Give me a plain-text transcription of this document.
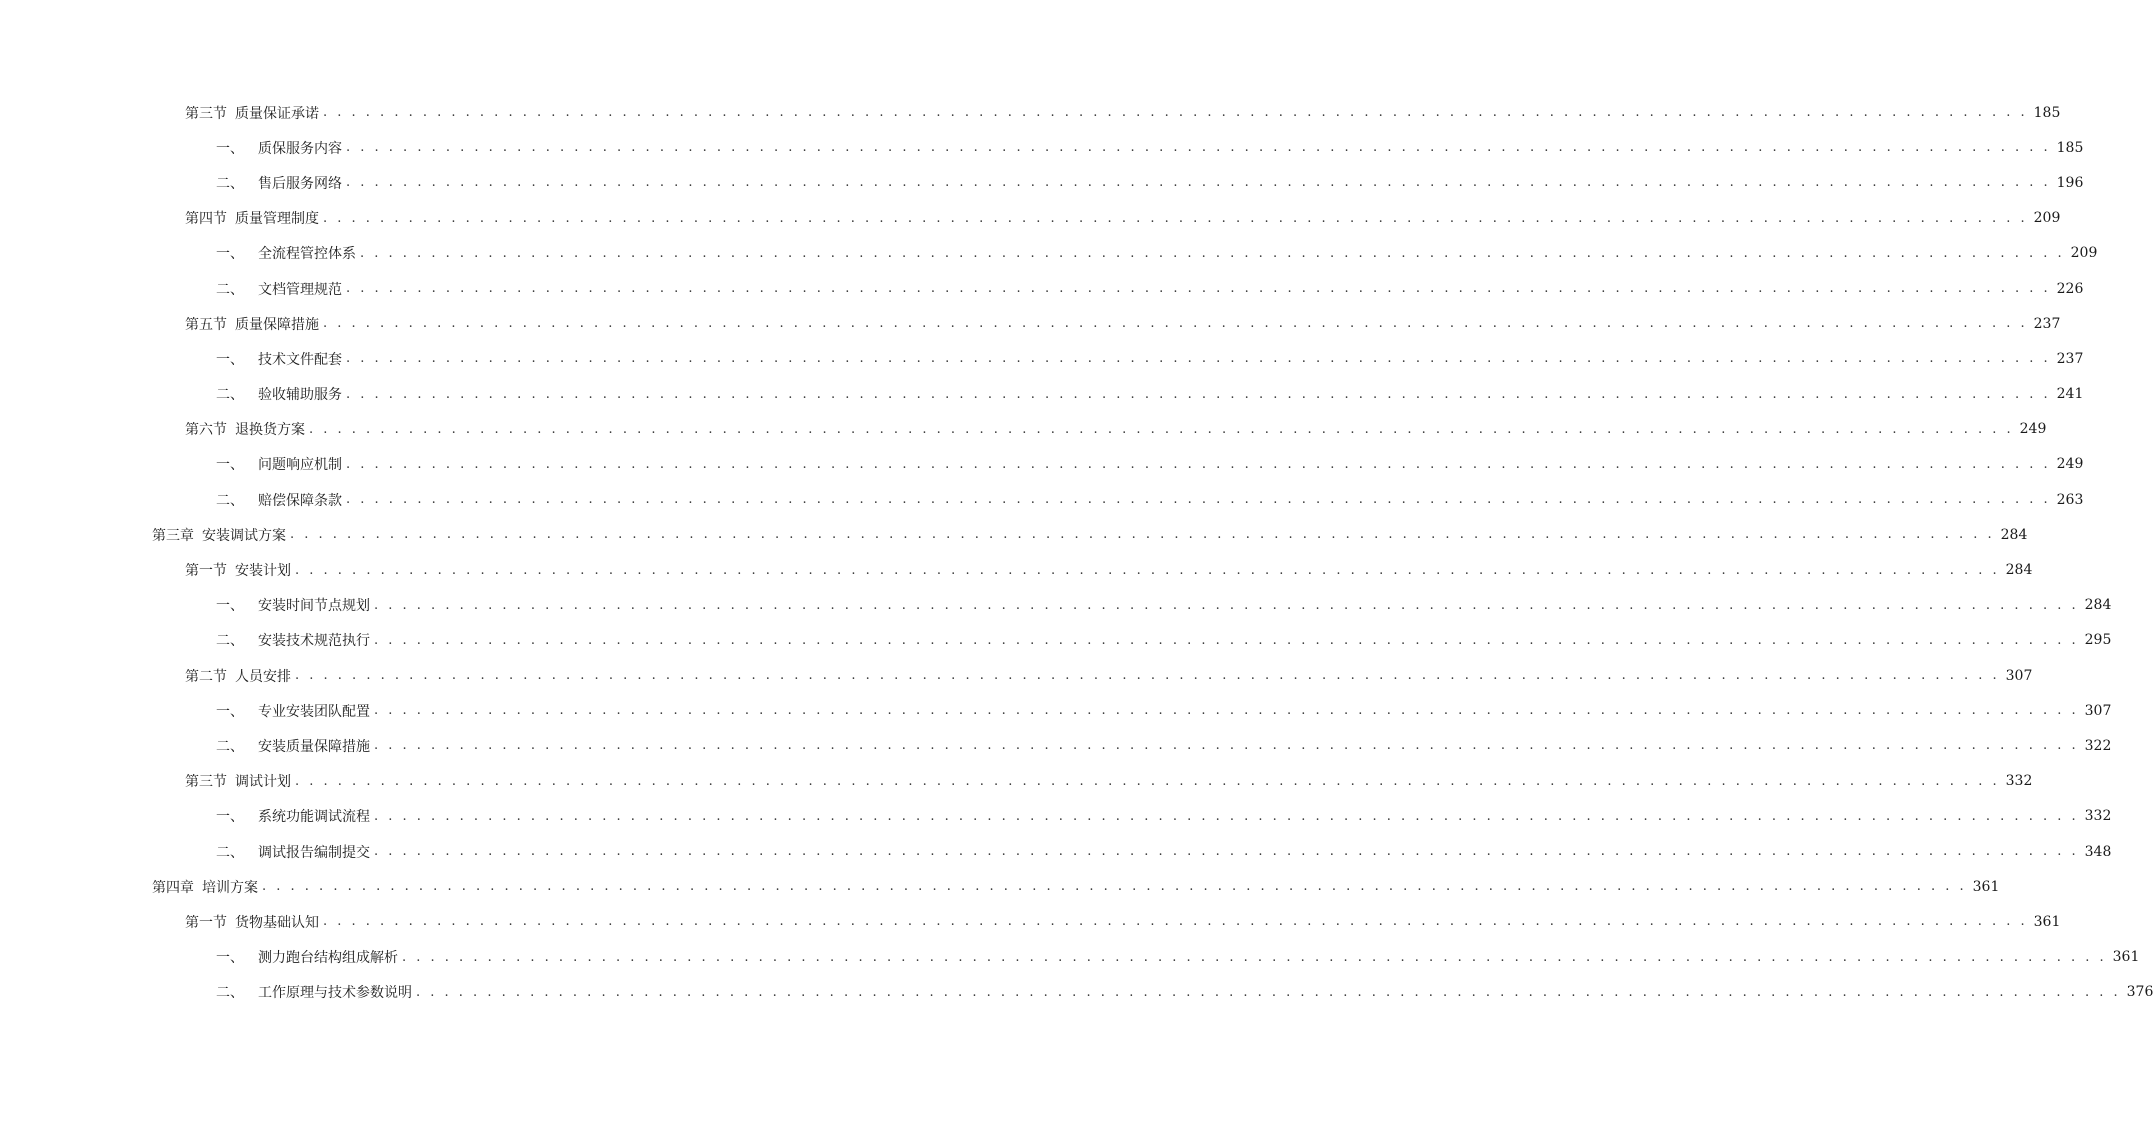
第三节 质量保证承诺 . . . . . . . . . . . . . . . . . . . . . . . . . . . . . . . . . . . . . . . . . . . . . . . . . . . . . . . . . . . . . . . . . . . . . . . . . . . . . . . . . . . . . . . . . . . . . . . . . . . . . . . . . . . . . . . . . . . . . . . . 185
一、 质保服务内容 . . . . . . . . . . . . . . . . . . . . . . . . . . . . . . . . . . . . . . . . . . . . . . . . . . . . . . . . . . . . . . . . . . . . . . . . . . . . . . . . . . . . . . . . . . . . . . . . . . . . . . . . . . . . . . . . . . . . . . . . 185
二、 售后服务网络 . . . . . . . . . . . . . . . . . . . . . . . . . . . . . . . . . . . . . . . . . . . . . . . . . . . . . . . . . . . . . . . . . . . . . . . . . . . . . . . . . . . . . . . . . . . . . . . . . . . . . . . . . . . . . . . . . . . . . . . . 196
第四节 质量管理制度 . . . . . . . . . . . . . . . . . . . . . . . . . . . . . . . . . . . . . . . . . . . . . . . . . . . . . . . . . . . . . . . . . . . . . . . . . . . . . . . . . . . . . . . . . . . . . . . . . . . . . . . . . . . . . . . . . . . . . . . . 209
一、 全流程管控体系 . . . . . . . . . . . . . . . . . . . . . . . . . . . . . . . . . . . . . . . . . . . . . . . . . . . . . . . . . . . . . . . . . . . . . . . . . . . . . . . . . . . . . . . . . . . . . . . . . . . . . . . . . . . . . . . . . . . . . . . . 209
二、 文档管理规范 . . . . . . . . . . . . . . . . . . . . . . . . . . . . . . . . . . . . . . . . . . . . . . . . . . . . . . . . . . . . . . . . . . . . . . . . . . . . . . . . . . . . . . . . . . . . . . . . . . . . . . . . . . . . . . . . . . . . . . . . 226
第五节 质量保障措施 . . . . . . . . . . . . . . . . . . . . . . . . . . . . . . . . . . . . . . . . . . . . . . . . . . . . . . . . . . . . . . . . . . . . . . . . . . . . . . . . . . . . . . . . . . . . . . . . . . . . . . . . . . . . . . . . . . . . . . . . 237
一、 技术文件配套 . . . . . . . . . . . . . . . . . . . . . . . . . . . . . . . . . . . . . . . . . . . . . . . . . . . . . . . . . . . . . . . . . . . . . . . . . . . . . . . . . . . . . . . . . . . . . . . . . . . . . . . . . . . . . . . . . . . . . . . . 237
二、 验收辅助服务 . . . . . . . . . . . . . . . . . . . . . . . . . . . . . . . . . . . . . . . . . . . . . . . . . . . . . . . . . . . . . . . . . . . . . . . . . . . . . . . . . . . . . . . . . . . . . . . . . . . . . . . . . . . . . . . . . . . . . . . . 241
第六节 退换货方案 . . . . . . . . . . . . . . . . . . . . . . . . . . . . . . . . . . . . . . . . . . . . . . . . . . . . . . . . . . . . . . . . . . . . . . . . . . . . . . . . . . . . . . . . . . . . . . . . . . . . . . . . . . . . . . . . . . . . . . . . 249
一、 问题响应机制 . . . . . . . . . . . . . . . . . . . . . . . . . . . . . . . . . . . . . . . . . . . . . . . . . . . . . . . . . . . . . . . . . . . . . . . . . . . . . . . . . . . . . . . . . . . . . . . . . . . . . . . . . . . . . . . . . . . . . . . . 249
二、 赔偿保障条款 . . . . . . . . . . . . . . . . . . . . . . . . . . . . . . . . . . . . . . . . . . . . . . . . . . . . . . . . . . . . . . . . . . . . . . . . . . . . . . . . . . . . . . . . . . . . . . . . . . . . . . . . . . . . . . . . . . . . . . . . 263
第三章 安装调试方案 . . . . . . . . . . . . . . . . . . . . . . . . . . . . . . . . . . . . . . . . . . . . . . . . . . . . . . . . . . . . . . . . . . . . . . . . . . . . . . . . . . . . . . . . . . . . . . . . . . . . . . . . . . . . . . . . . . . . . . . . 284
第一节 安装计划 . . . . . . . . . . . . . . . . . . . . . . . . . . . . . . . . . . . . . . . . . . . . . . . . . . . . . . . . . . . . . . . . . . . . . . . . . . . . . . . . . . . . . . . . . . . . . . . . . . . . . . . . . . . . . . . . . . . . . . . . 284
一、 安装时间节点规划 . . . . . . . . . . . . . . . . . . . . . . . . . . . . . . . . . . . . . . . . . . . . . . . . . . . . . . . . . . . . . . . . . . . . . . . . . . . . . . . . . . . . . . . . . . . . . . . . . . . . . . . . . . . . . . . . . . . . . . . . 284
二、 安装技术规范执行 . . . . . . . . . . . . . . . . . . . . . . . . . . . . . . . . . . . . . . . . . . . . . . . . . . . . . . . . . . . . . . . . . . . . . . . . . . . . . . . . . . . . . . . . . . . . . . . . . . . . . . . . . . . . . . . . . . . . . . . . 295
第二节 人员安排 . . . . . . . . . . . . . . . . . . . . . . . . . . . . . . . . . . . . . . . . . . . . . . . . . . . . . . . . . . . . . . . . . . . . . . . . . . . . . . . . . . . . . . . . . . . . . . . . . . . . . . . . . . . . . . . . . . . . . . . . 307
一、 专业安装团队配置 . . . . . . . . . . . . . . . . . . . . . . . . . . . . . . . . . . . . . . . . . . . . . . . . . . . . . . . . . . . . . . . . . . . . . . . . . . . . . . . . . . . . . . . . . . . . . . . . . . . . . . . . . . . . . . . . . . . . . . . . 307
二、 安装质量保障措施 . . . . . . . . . . . . . . . . . . . . . . . . . . . . . . . . . . . . . . . . . . . . . . . . . . . . . . . . . . . . . . . . . . . . . . . . . . . . . . . . . . . . . . . . . . . . . . . . . . . . . . . . . . . . . . . . . . . . . . . . 322
第三节 调试计划 . . . . . . . . . . . . . . . . . . . . . . . . . . . . . . . . . . . . . . . . . . . . . . . . . . . . . . . . . . . . . . . . . . . . . . . . . . . . . . . . . . . . . . . . . . . . . . . . . . . . . . . . . . . . . . . . . . . . . . . . 332
一、 系统功能调试流程 . . . . . . . . . . . . . . . . . . . . . . . . . . . . . . . . . . . . . . . . . . . . . . . . . . . . . . . . . . . . . . . . . . . . . . . . . . . . . . . . . . . . . . . . . . . . . . . . . . . . . . . . . . . . . . . . . . . . . . . . 332
二、 调试报告编制提交 . . . . . . . . . . . . . . . . . . . . . . . . . . . . . . . . . . . . . . . . . . . . . . . . . . . . . . . . . . . . . . . . . . . . . . . . . . . . . . . . . . . . . . . . . . . . . . . . . . . . . . . . . . . . . . . . . . . . . . . . 348
第四章 培训方案 . . . . . . . . . . . . . . . . . . . . . . . . . . . . . . . . . . . . . . . . . . . . . . . . . . . . . . . . . . . . . . . . . . . . . . . . . . . . . . . . . . . . . . . . . . . . . . . . . . . . . . . . . . . . . . . . . . . . . . . . 361
第一节 货物基础认知 . . . . . . . . . . . . . . . . . . . . . . . . . . . . . . . . . . . . . . . . . . . . . . . . . . . . . . . . . . . . . . . . . . . . . . . . . . . . . . . . . . . . . . . . . . . . . . . . . . . . . . . . . . . . . . . . . . . . . . . . 361
一、 测力跑台结构组成解析 . . . . . . . . . . . . . . . . . . . . . . . . . . . . . . . . . . . . . . . . . . . . . . . . . . . . . . . . . . . . . . . . . . . . . . . . . . . . . . . . . . . . . . . . . . . . . . . . . . . . . . . . . . . . . . . . . . . . . . . . 361
二、 工作原理与技术参数说明 . . . . . . . . . . . . . . . . . . . . . . . . . . . . . . . . . . . . . . . . . . . . . . . . . . . . . . . . . . . . . . . . . . . . . . . . . . . . . . . . . . . . . . . . . . . . . . . . . . . . . . . . . . . . . . . . . . . . . . . . 376
